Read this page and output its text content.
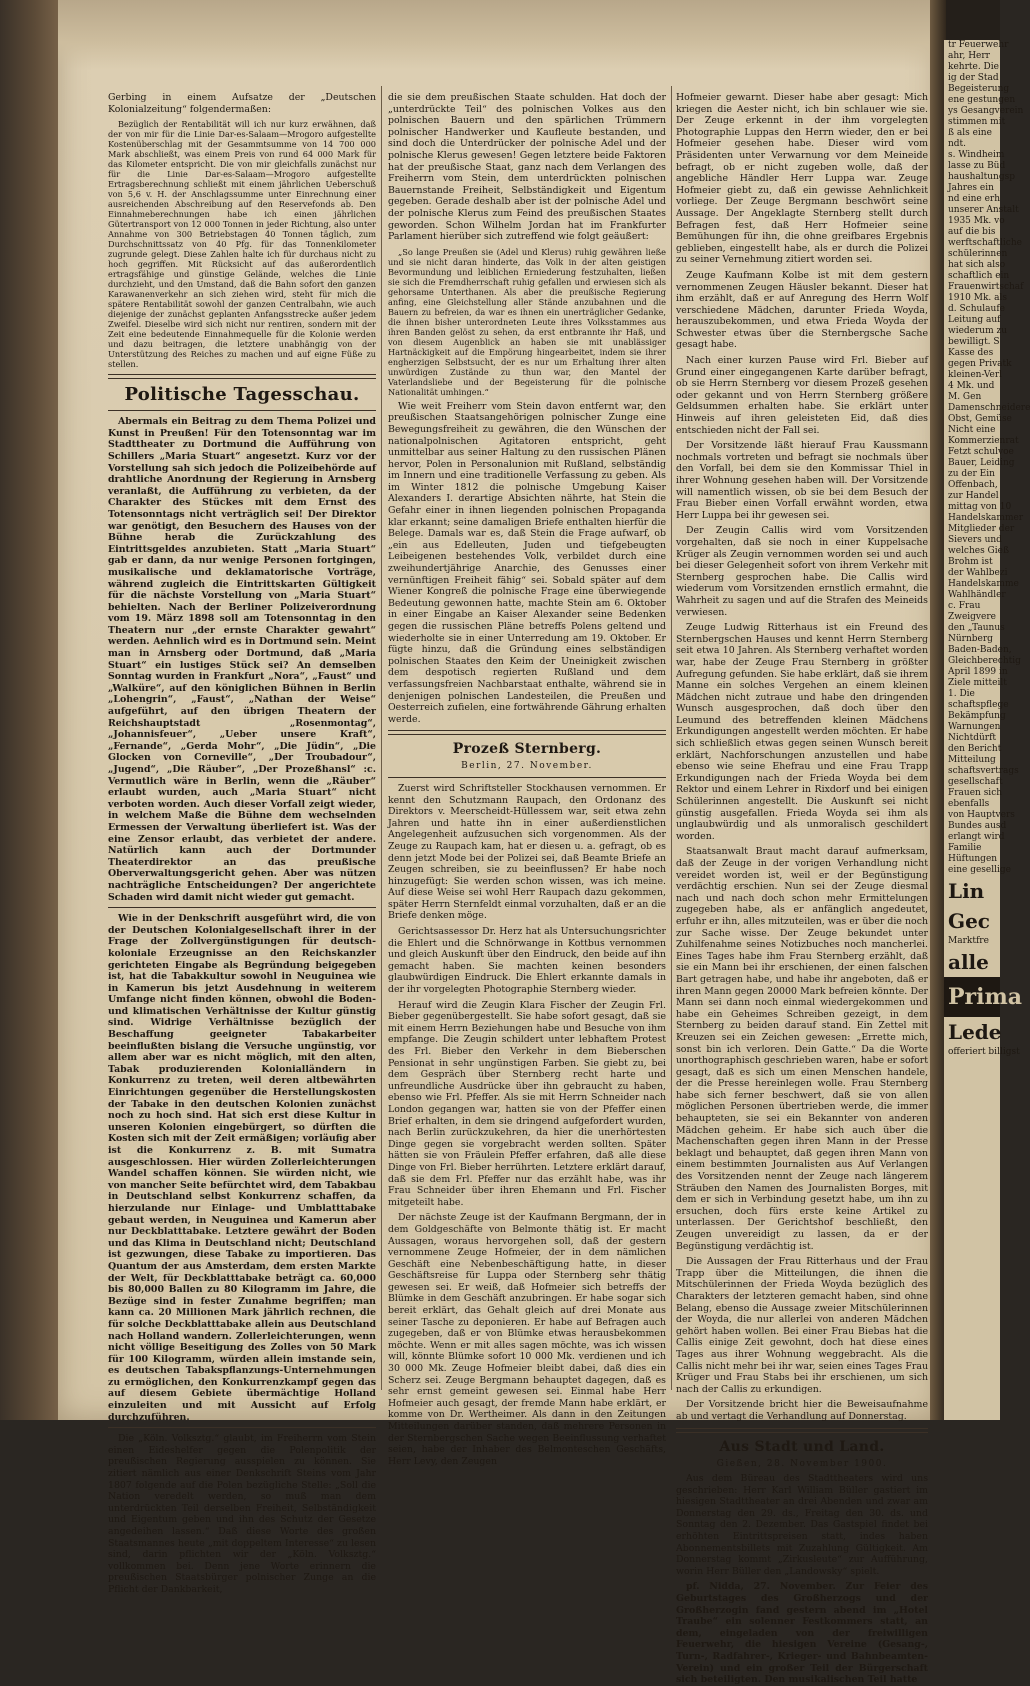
Gerbing in einem Aufsatze der „Deutschen Kolonialzeitung“ folgendermaßen:

Bezüglich der Rentabilität will ich nur kurz erwähnen, daß der von mir für die Linie Dar-es-Salaam—Mrogoro aufgestellte Kostenüberschlag mit der Gesammtsumme von 14 700 000 Mark abschließt, was einem Preis von rund 64 000 Mark für das Kilometer entspricht. Die von mir gleichfalls zunächst nur für die Linie Dar-es-Salaam—Mrogoro aufgestellte Ertragsberechnung schließt mit einem jährlichen Ueberschuß von 5,6 v. H. der Anschlagssumme unter Einrechnung einer ausreichenden Abschreibung auf den Reservefonds ab. Den Einnahmeberechnungen habe ich einen jährlichen Gütertransport von 12 000 Tonnen in jeder Richtung, also unter Annahme von 300 Betriebstagen 40 Tonnen täglich, zum Durchschnittssatz von 40 Pfg. für das Tonnenkilometer zugrunde gelegt. Diese Zahlen halte ich für durchaus nicht zu hoch gegriffen. Mit Rücksicht auf das außerordentlich ertragsfähige und günstige Gelände, welches die Linie durchzieht, und den Umstand, daß die Bahn sofort den ganzen Karawanenverkehr an sich ziehen wird, steht für mich die spätere Rentabilität sowohl der ganzen Centralbahn, wie auch diejenige der zunächst geplanten Anfangsstrecke außer jedem Zweifel. Dieselbe wird sich nicht nur rentiren, sondern mit der Zeit eine bedeutende Einnahmequelle für die Kolonie werden und dazu beitragen, die letztere unabhängig von der Unterstützung des Reiches zu machen und auf eigne Füße zu stellen.

Politische Tagesschau.

Abermals ein Beitrag zu dem Thema Polizei und Kunst in Preußen! Für den Totensonntag war im Stadttheater zu Dortmund die Aufführung von Schillers „Maria Stuart“ angesetzt. Kurz vor der Vorstellung sah sich jedoch die Polizeibehörde auf drahtliche Anordnung der Regierung in Arnsberg veranlaßt, die Aufführung zu verbieten, da der Charakter des Stückes mit dem Ernst des Totensonntags nicht verträglich sei! Der Direktor war genötigt, den Besuchern des Hauses von der Bühne herab die Zurückzahlung des Eintrittsgeldes anzubieten. Statt „Maria Stuart“ gab er dann, da nur wenige Personen fortgingen, musikalische und deklamatorische Vorträge, während zugleich die Eintrittskarten Gültigkeit für die nächste Vorstellung von „Maria Stuart“ behielten. Nach der Berliner Polizeiverordnung vom 19. März 1898 soll am Totensonntag in den Theatern nur „der ernste Charakter gewahrt“ werden. Aehnlich wird es in Dortmund sein. Meint man in Arnsberg oder Dortmund, daß „Maria Stuart“ ein lustiges Stück sei? An demselben Sonntag wurden in Frankfurt „Nora“, „Faust“ und „Walküre“, auf den königlichen Bühnen in Berlin „Lohengrin“, „Faust“, „Nathan der Weise“ aufgeführt, auf den übrigen Theatern der Reichshauptstadt „Rosenmontag“, „Johannisfeuer“, „Ueber unsere Kraft“, „Fernande“, „Gerda Mohr“, „Die Jüdin“, „Die Glocken von Corneville“, „Der Troubadour“, „Jugend“, „Die Räuber“, „Der Prozeßhansl“ :c. Vermutlich wäre in Berlin, wenn die „Räuber“ erlaubt wurden, auch „Maria Stuart“ nicht verboten worden. Auch dieser Vorfall zeigt wieder, in welchem Maße die Bühne dem wechselnden Ermessen der Verwaltung überliefert ist. Was der eine Zensor erlaubt, das verbietet der andere. Natürlich kann auch der Dortmunder Theaterdirektor an das preußische Oberverwaltungsgericht gehen. Aber was nützen nachträgliche Entscheidungen? Der angerichtete Schaden wird damit nicht wieder gut gemacht.

Wie in der Denkschrift ausgeführt wird, die von der Deutschen Kolonialgesellschaft ihrer in der Frage der Zollvergünstigungen für deutsch-koloniale Erzeugnisse an den Reichskanzler gerichteten Eingabe als Begründung beigegeben ist, hat die Tabakkultur sowohl in Neuguinea wie in Kamerun bis jetzt Ausdehnung in weiterem Umfange nicht finden können, obwohl die Boden- und klimatischen Verhältnisse der Kultur günstig sind. Widrige Verhältnisse bezüglich der Beschaffung geeigneter Tabakarbeiter beeinflußten bislang die Versuche ungünstig, vor allem aber war es nicht möglich, mit den alten, Tabak produzierenden Kolonialländern in Konkurrenz zu treten, weil deren altbewährten Einrichtungen gegenüber die Herstellungskosten der Tabake in den deutschen Kolonien zunächst noch zu hoch sind. Hat sich erst diese Kultur in unseren Kolonien eingebürgert, so dürften die Kosten sich mit der Zeit ermäßigen; vorläufig aber ist die Konkurrenz z. B. mit Sumatra ausgeschlossen. Hier würden Zollerleichterungen Wandel schaffen können. Sie würden nicht, wie von mancher Seite befürchtet wird, dem Tabakbau in Deutschland selbst Konkurrenz schaffen, da hierzulande nur Einlage- und Umblatttabake gebaut werden, in Neuguinea und Kamerun aber nur Deckblatttabake. Letztere gewährt der Boden und das Klima in Deutschland nicht; Deutschland ist gezwungen, diese Tabake zu importieren. Das Quantum der aus Amsterdam, dem ersten Markte der Welt, für Deckblatttabake beträgt ca. 60,000 bis 80,000 Ballen zu 80 Kilogramm im Jahre, die Bezüge sind in fester Zunahme begriffen; man kann ca. 20 Millionen Mark jährlich rechnen, die für solche Deckblatttabake allein aus Deutschland nach Holland wandern. Zollerleichterungen, wenn nicht völlige Beseitigung des Zolles von 50 Mark für 100 Kilogramm, würden allein imstande sein, es deutschen Tabakspflanzungs-Unternehmungen zu ermöglichen, den Konkurrenzkampf gegen das auf diesem Gebiete übermächtige Holland einzuleiten und mit Aussicht auf Erfolg durchzuführen.

Die „Köln. Volksztg.“ glaubt, im Freiherrn vom Stein einen Eideshelfer gegen die Polenpolitik der preußischen Regierung ausspielen zu können. Sie zitiert nämlich aus einer Denkschrift Steins vom Jahr 1807 folgende auf die Polen bezügliche Stelle: „Soll die Nation veredelt werden, so muß man dem unterdrückten Teil derselben Freiheit, Selbständigkeit und Eigentum geben und ihn des Schutz der Gesetze angedeihen lassen.“ Daß diese Worte des großen Staatsmannes heute „mit doppeltem Interesse“ zu lesen sind, darin pflichten wir der „Köln. Volksztg.“ vollkommen bei. Denn jene Worte erinnern die preußischen Staatsbürger polnischer Zunge an die Pflicht der Dankbarkeit,

die sie dem preußischen Staate schulden. Hat doch der „unterdrückte Teil“ des polnischen Volkes aus den polnischen Bauern und den spärlichen Trümmern polnischer Handwerker und Kaufleute bestanden, und sind doch die Unterdrücker der polnische Adel und der polnische Klerus gewesen! Gegen letztere beide Faktoren hat der preußische Staat, ganz nach dem Verlangen des Freiherrn vom Stein, dem unterdrückten polnischen Bauernstande Freiheit, Selbständigkeit und Eigentum gegeben. Gerade deshalb aber ist der polnische Adel und der polnische Klerus zum Feind des preußischen Staates geworden. Schon Wilhelm Jordan hat im Frankfurter Parlament hierüber sich zutreffend wie folgt geäußert:

„So lange Preußen sie (Adel und Klerus) ruhig gewähren ließe und sie nicht daran hinderte, das Volk in der alten geistigen Bevormundung und leiblichen Erniederung festzuhalten, ließen sie sich die Fremdherrschaft ruhig gefallen und erwiesen sich als gehorsame Unterthanen. Als aber die preußische Regierung anfing, eine Gleichstellung aller Stände anzubahnen und die Bauern zu befreien, da war es ihnen ein unerträglicher Gedanke, die ihnen bisher unterordneten Leute ihres Volksstammes aus ihren Banden gelöst zu sehen, da erst entbrannte ihr Haß, und von diesem Augenblick an haben sie mit unablässiger Hartnäckigkeit auf die Empörung hingearbeitet, indem sie ihrer engherzigen Selbstsucht, der es nur um Erhaltung ihrer alten unwürdigen Zustände zu thun war, den Mantel der Vaterlandsliebe und der Begeisterung für die polnische Nationalität umhingen.“

Wie weit Freiherr vom Stein davon entfernt war, den preußischen Staatsangehörigen polnischer Zunge eine Bewegungsfreiheit zu gewähren, die den Wünschen der nationalpolnischen Agitatoren entspricht, geht unmittelbar aus seiner Haltung zu den russischen Plänen hervor, Polen in Personalunion mit Rußland, selbständig im Innern und eine traditionelle Verfassung zu geben. Als im Winter 1812 die polnische Umgebung Kaiser Alexanders I. derartige Absichten nährte, hat Stein die Gefahr einer in ihnen liegenden polnischen Propaganda klar erkannt; seine damaligen Briefe enthalten hierfür die Belege. Damals war es, daß Stein die Frage aufwarf, ob „ein aus Edelleuten, Juden und tiefgebeugten Leibeigenen bestehendes Volk, verbildet durch eine zweihundertjährige Anarchie, des Genusses einer vernünftigen Freiheit fähig“ sei. Sobald später auf dem Wiener Kongreß die polnische Frage eine überwiegende Bedeutung gewonnen hatte, machte Stein am 6. Oktober in einer Eingabe an Kaiser Alexander seine Bedenken gegen die russischen Pläne betreffs Polens geltend und wiederholte sie in einer Unterredung am 19. Oktober. Er fügte hinzu, daß die Gründung eines selbständigen polnischen Staates den Keim der Uneinigkeit zwischen dem despotisch regierten Rußland und dem verfassungsfreien Nachbarstaat enthalte, während sie in denjenigen polnischen Landesteilen, die Preußen und Oesterreich zufielen, eine fortwährende Gährung erhalten werde.

Prozeß Sternberg.
Berlin, 27. November.

Zuerst wird Schriftsteller Stockhausen vernommen. Er kennt den Schutzmann Raupach, den Ordonanz des Direktors v. Meerscheidt-Hüllessem war, seit etwa zehn Jahren und hatte ihn in einer außerdienstlichen Angelegenheit aufzusuchen sich vorgenommen. Als der Zeuge zu Raupach kam, hat er diesen u. a. gefragt, ob es denn jetzt Mode bei der Polizei sei, daß Beamte Briefe an Zeugen schreiben, sie zu beeinflussen? Er habe noch hinzugefügt: Sie werden schon wissen, was ich meine. Auf diese Weise sei wohl Herr Raupach dazu gekommen, später Herrn Sternfeldt einmal vorzuhalten, daß er an die Briefe denken möge.

Gerichtsassessor Dr. Herz hat als Untersuchungsrichter die Ehlert und die Schnörwange in Kottbus vernommen und gleich Auskunft über den Eindruck, den beide auf ihn gemacht haben. Sie machten keinen besonders glaubwürdigen Eindruck. Die Ehlert erkannte damals in der ihr vorgelegten Photographie Sternberg wieder.

Herauf wird die Zeugin Klara Fischer der Zeugin Frl. Bieber gegenübergestellt. Sie habe sofort gesagt, daß sie mit einem Herrn Beziehungen habe und Besuche von ihm empfange. Die Zeugin schildert unter lebhaftem Protest des Frl. Bieber den Verkehr in dem Bieberschen Pensionat in sehr ungünstigen Farben. Sie giebt zu, bei dem Gespräch über Sternberg recht harte und unfreundliche Ausdrücke über ihn gebraucht zu haben, ebenso wie Frl. Pfeffer. Als sie mit Herrn Schneider nach London gegangen war, hatten sie von der Pfeffer einen Brief erhalten, in dem sie dringend aufgefordert wurden, nach Berlin zurückzukehren, da hier die unerhörtesten Dinge gegen sie vorgebracht werden sollten. Später hätten sie von Fräulein Pfeffer erfahren, daß alle diese Dinge von Frl. Bieber herrührten. Letztere erklärt darauf, daß sie dem Frl. Pfeffer nur das erzählt habe, was ihr Frau Schneider über ihren Ehemann und Frl. Fischer mitgeteilt habe.

Der nächste Zeuge ist der Kaufmann Bergmann, der in dem Goldgeschäfte von Belmonte thätig ist. Er macht Aussagen, woraus hervorgehen soll, daß der gestern vernommene Zeuge Hofmeier, der in dem nämlichen Geschäft eine Nebenbeschäftigung hatte, in dieser Geschäftsreise für Luppa oder Sternberg sehr thätig gewesen sei. Er weiß, daß Hofmeier sich betreffs der Blümke in dem Geschäft anzubringen. Er habe sogar sich bereit erklärt, das Gehalt gleich auf drei Monate aus seiner Tasche zu deponieren. Er habe auf Befragen auch zugegeben, daß er von Blümke etwas herausbekommen möchte. Wenn er mit alles sagen möchte, was ich wissen will, könnte Blümke sofort 10 000 Mk. verdienen und ich 30 000 Mk. Zeuge Hofmeier bleibt dabei, daß dies ein Scherz sei. Zeuge Bergmann behauptet dagegen, daß es sehr ernst gemeint gewesen sei. Einmal habe Herr Hofmeier auch gesagt, der fremde Mann habe erklärt, er komme von Dr. Wertheimer. Als dann in den Zeitungen Mitteilungen darüber standen, daß mehrere Personen in der Sternbergschen Sache wegen Beeinflussung verhaftet seien, habe der Inhaber des Belmonteschen Geschäfts, Herr Levy, den Zeugen

Hofmeier gewarnt. Dieser habe aber gesagt: Mich kriegen die Aester nicht, ich bin schlauer wie sie. Der Zeuge erkennt in der ihm vorgelegten Photographie Luppas den Herrn wieder, den er bei Hofmeier gesehen habe. Dieser wird vom Präsidenten unter Verwarnung vor dem Meineide befragt, ob er nicht zugeben wolle, daß der angebliche Händler Herr Luppa war. Zeuge Hofmeier giebt zu, daß ein gewisse Aehnlichkeit vorliege. Der Zeuge Bergmann beschwört seine Aussage. Der Angeklagte Sternberg stellt durch Befragen fest, daß Herr Hofmeier seine Bemühungen für ihn, die ohne greifbares Ergebnis geblieben, eingestellt habe, als er durch die Polizei zu seiner Vernehmung zitiert worden sei.

Zeuge Kaufmann Kolbe ist mit dem gestern vernommenen Zeugen Häusler bekannt. Dieser hat ihm erzählt, daß er auf Anregung des Herrn Wolf verschiedene Mädchen, darunter Frieda Woyda, herauszubekommen, und etwa Frieda Woyda der Schwester etwas über die Sternbergsche Sache gesagt habe.

Nach einer kurzen Pause wird Frl. Bieber auf Grund einer eingegangenen Karte darüber befragt, ob sie Herrn Sternberg vor diesem Prozeß gesehen oder gekannt und von Herrn Sternberg größere Geldsummen erhalten habe. Sie erklärt unter Hinweis auf ihren geleisteten Eid, daß dies entschieden nicht der Fall sei.

Der Vorsitzende läßt hierauf Frau Kaussmann nochmals vortreten und befragt sie nochmals über den Vorfall, bei dem sie den Kommissar Thiel in ihrer Wohnung gesehen haben will. Der Vorsitzende will namentlich wissen, ob sie bei dem Besuch der Frau Bieber einen Vorfall erwähnt worden, etwa Herr Luppa bei ihr gewesen sei.

Der Zeugin Callis wird vom Vorsitzenden vorgehalten, daß sie noch in einer Kuppelsache Krüger als Zeugin vernommen worden sei und auch bei dieser Gelegenheit sofort von ihrem Verkehr mit Sternberg gesprochen habe. Die Callis wird wiederum vom Vorsitzenden ernstlich ermahnt, die Wahrheit zu sagen und auf die Strafen des Meineids verwiesen.

Zeuge Ludwig Ritterhaus ist ein Freund des Sternbergschen Hauses und kennt Herrn Sternberg seit etwa 10 Jahren. Als Sternberg verhaftet worden war, habe der Zeuge Frau Sternberg in größter Aufregung gefunden. Sie habe erklärt, daß sie ihrem Manne ein solches Vergehen an einem kleinen Mädchen nicht zutraue und habe den dringenden Wunsch ausgesprochen, daß doch über den Leumund des betreffenden kleinen Mädchens Erkundigungen angestellt werden möchten. Er habe sich schließlich etwas gegen seinen Wunsch bereit erklärt, Nachforschungen anzustellen und habe ebenso wie seine Ehefrau und eine Frau Trapp Erkundigungen nach der Frieda Woyda bei dem Rektor und einem Lehrer in Rixdorf und bei einigen Schülerinnen angestellt. Die Auskunft sei nicht günstig ausgefallen. Frieda Woyda sei ihm als unglaubwürdig und als unmoralisch geschildert worden.

Staatsanwalt Braut macht darauf aufmerksam, daß der Zeuge in der vorigen Verhandlung nicht vereidet worden ist, weil er der Begünstigung verdächtig erschien. Nun sei der Zeuge diesmal nach und nach doch schon mehr Ermittelungen zugegeben habe, als er anfänglich angedeutet, erfuhr er ihn, alles mitzuteilen, was er über die noch zur Sache wisse. Der Zeuge bekundet unter Zuhilfenahme seines Notizbuches noch mancherlei. Eines Tages habe ihm Frau Sternberg erzählt, daß sie ein Mann bei ihr erschienen, der einen falschen Bart getragen habe, und habe ihr angeboten, daß er ihren Mann gegen 20000 Mark befreien könnte. Der Mann sei dann noch einmal wiedergekommen und habe ein Geheimes Schreiben gezeigt, in dem Sternberg zu beiden darauf stand. Ein Zettel mit Kreuzen sei ein Zeichen gewesen: „Errette mich, sonst bin ich verloren. Dein Gatte.“ Da die Worte unorthographisch geschrieben waren, habe er sofort gesagt, daß es sich um einen Menschen handele, der die Presse hereinlegen wolle. Frau Sternberg habe sich ferner beschwert, daß sie von allen möglichen Personen übertrieben werde, die immer behaupteten, sie sei ein Bekannter von anderen Mädchen geheim. Er habe sich auch über die Machenschaften gegen ihren Mann in der Presse beklagt und behauptet, daß gegen ihren Mann von einem bestimmten Journalisten aus Auf Verlangen des Vorsitzenden nennt der Zeuge nach längerem Sträuben den Namen des Journalisten Borges, mit dem er sich in Verbindung gesetzt habe, um ihn zu ersuchen, doch fürs erste keine Artikel zu unterlassen. Der Gerichtshof beschließt, den Zeugen unvereidigt zu lassen, da er der Begünstigung verdächtig ist.

Die Aussagen der Frau Ritterhaus und der Frau Trapp über die Mitteilungen, die ihnen die Mitschülerinnen der Frieda Woyda bezüglich des Charakters der letzteren gemacht haben, sind ohne Belang, ebenso die Aussage zweier Mitschülerinnen der Woyda, die nur allerlei von anderen Mädchen gehört haben wollen. Bei einer Frau Biebas hat die Callis einige Zeit gewohnt, doch hat diese eines Tages aus ihrer Wohnung weggebracht. Als die Callis nicht mehr bei ihr war, seien eines Tages Frau Krüger und Frau Stabs bei ihr erschienen, um sich nach der Callis zu erkundigen.

Der Vorsitzende bricht hier die Beweisaufnahme ab und vertagt die Verhandlung auf Donnerstag.

Aus Stadt und Land.
Gießen, 28. November 1900.

Aus dem Büreau des Stadttheaters wird uns geschrieben: Herr Karl William Büller gastiert im hiesigen Stadttheater an drei Abenden und zwar am Donnerstag den 29. ds., Freitag den 30. ds. und Sonntag den 2. Dezember. Das Gastspiel findet bei erhöhten Eintrittspreisen statt, indes haben Abonnementsbillets mit Zuzahlung Gültigkeit. Am Donnerstag kommt „Zirkusleute“ zur Aufführung, worin Herr Büller den „Landowsky“ spielt.

pf. Nidda, 27. November. Zur Feier des Geburtstages des Großherzogs und der Großherzogin fand gestern abend im „Hotel Traube“ ein solenner Festkommers statt, an dem, eingeladen von der freiwilligen Feuerwehr, die hiesigen Vereine (Gesang-, Turn-, Radfahrer-, Krieger- und Bahnbeamten-Verein) und ein großer Teil der Bürgerschaft sich beteiligten. Den musikalischen Teil hatte

tr Feuerwehr
ahr, Herr
kehrte. Die
ig der Stad
Begeisterung
ene gestungen
ys Gesangverein
stimmen mit
ß als eine
ndt.
s. Windheim
lasse zu Büd
haushaltungsp
Jahres ein
nd eine erh
unserer Anstalt
1935 Mk. vo
auf die bis
werftschaftliche
schülerinnen
hat sich also
schaftlich ein
Frauenwirtschaf
1910 Mk. als
d. Schulaufe
Leitung auf
wiederum zu
bewilligt. S
Kasse des
gegen Privatk
kleinen-Verl
4 Mk. und
M. Gen
Damenschneidere
Obst, Gemüse
Nicht eine
Kommerzienrat
Fetzt schulvoe
Bauer, Leiding
zu der Ein
Offenbach,
zur Handel
mittag von 10
Handelskammer
Mitglieder der
Sievers und
welches Gieß
Brohm ist
der Wahlbezi
Handelskamme
Wahlhändler
c. Frau
Zweigvere
den „Taunus
Nürnberg
Baden-Baden,
Gleichberechtig
April 1899 in
Ziele mitteilt
1. Die
schaftspflege
Bekämpfung
Warnungen
Nichtdürft
den Bericht
Mitteilung
schaftsvertrags
gesellschaft
Frauen sich
ebenfalls
von Hauptvers
Bundes ausd
erlangt wird
Familie
Hüftungen
eine gesellige
Lin
Gec
Marktfre
alle
Prima
Lede
offeriert billigst
